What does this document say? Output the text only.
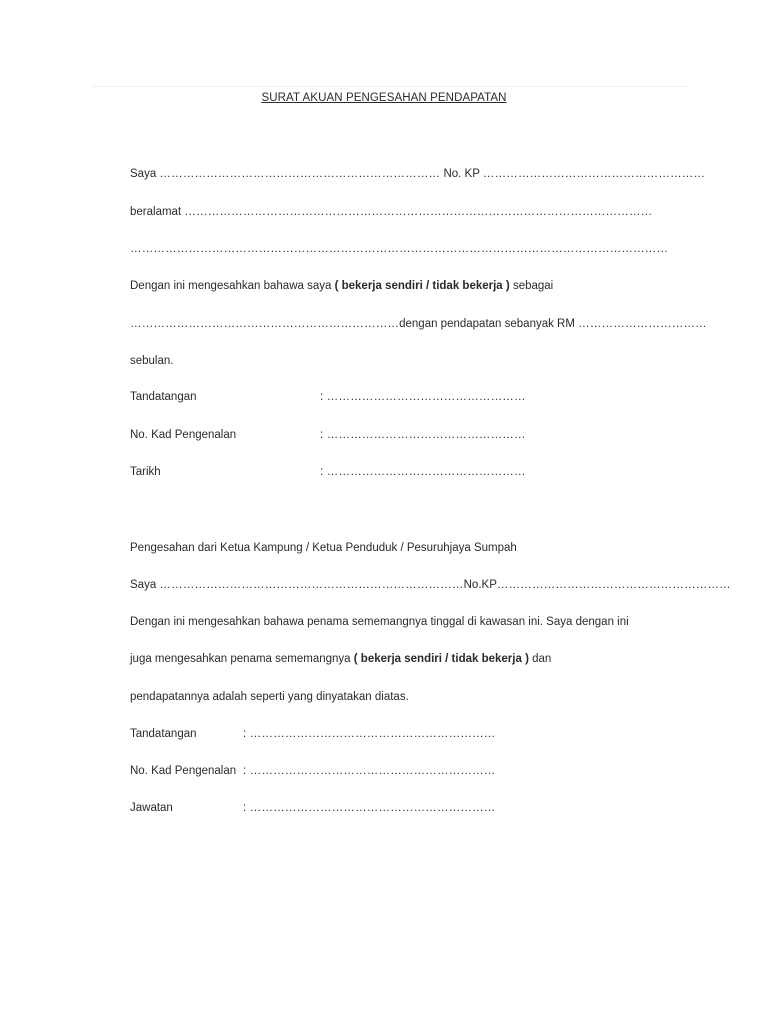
SURAT AKUAN PENGESAHAN PENDAPATAN
Saya ……………………………………………………………… No. KP …………………………………………………
beralamat …………………………………………………………………………………………………………
…………………………………………………………………………………………………………………………
Dengan ini mengesahkan bahawa saya ( bekerja sendiri / tidak bekerja ) sebagai
……………………………………………………………dengan pendapatan sebanyak RM ……………………………
sebulan.
Tandatangan	: ……………………………………………
No. Kad Pengenalan	: ……………………………………………
Tarikh	: ……………………………………………
Pengesahan dari Ketua Kampung / Ketua Penduduk / Pesuruhjaya Sumpah
Saya ……………………………………………………………………No.KP……………………………………………………
Dengan ini mengesahkan bahawa penama sememangnya tinggal di kawasan ini. Saya dengan ini
juga mengesahkan penama sememangnya ( bekerja sendiri / tidak bekerja ) dan
pendapatannya adalah seperti yang dinyatakan diatas.
Tandatangan	: ………………………………………………………
No. Kad Pengenalan : ………………………………………………………
Jawatan	: ………………………………………………………
